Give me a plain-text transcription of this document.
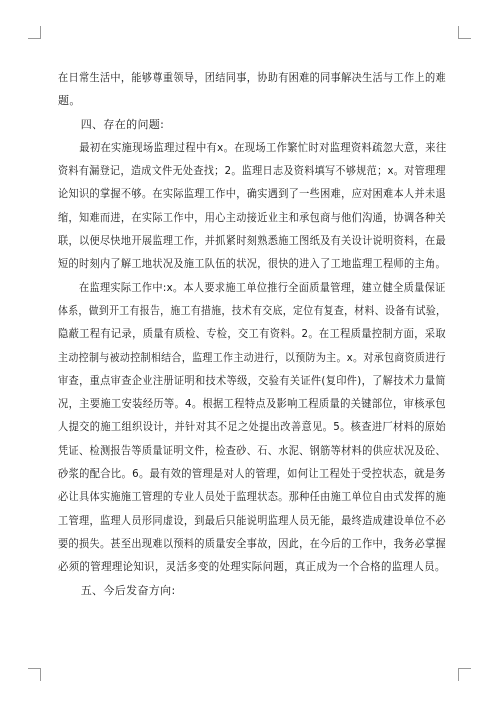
在日常生活中，能够尊重领导，团结同事，协助有困难的同事解决生活与工作上的难
题。
　　四、存在的问题:
　　最初在实施现场监理过程中有x。在现场工作繁忙时对监理资料疏忽大意，来往
资料有漏登记，造成文件无处查找；2。监理日志及资料填写不够规范；x。对管理理
论知识的掌握不够。在实际监理工作中，确实遇到了一些困难，应对困难本人并未退
缩，知难而进，在实际工作中，用心主动接近业主和承包商与他们沟通，协调各种关
联，以便尽快地开展监理工作，并抓紧时刻熟悉施工图纸及有关设计说明资料，在最
短的时刻内了解工地状况及施工队伍的状况，很快的进入了工地监理工程师的主角。
　　在监理实际工作中:x。本人要求施工单位推行全面质量管理，建立健全质量保证
体系，做到开工有报告，施工有措施，技术有交底，定位有复查，材料、设备有试验，
隐蔽工程有记录，质量有质检、专检，交工有资料。2。在工程质量控制方面，采取
主动控制与被动控制相结合，监理工作主动进行，以预防为主。x。对承包商资质进行
审查，重点审查企业注册证明和技术等级，交验有关证件(复印件)，了解技术力量简
况，主要施工安装经历等。4。根据工程特点及影响工程质量的关键部位，审核承包
人提交的施工组织设计，并针对其不足之处提出改善意见。5。核查进厂材料的原始
凭证、检测报告等质量证明文件，检查砂、石、水泥、钢筋等材料的供应状况及砼、
砂浆的配合比。6。最有效的管理是对人的管理，如何让工程处于受控状态，就是务
必让具体实施施工管理的专业人员处于监理状态。那种任由施工单位自由式发挥的施
工管理，监理人员形同虚设，到最后只能说明监理人员无能，最终造成建设单位不必
要的损失。甚至出现难以预料的质量安全事故，因此，在今后的工作中，我务必掌握
必须的管理理论知识，灵活多变的处理实际问题，真正成为一个合格的监理人员。
　　五、今后发奋方向:
